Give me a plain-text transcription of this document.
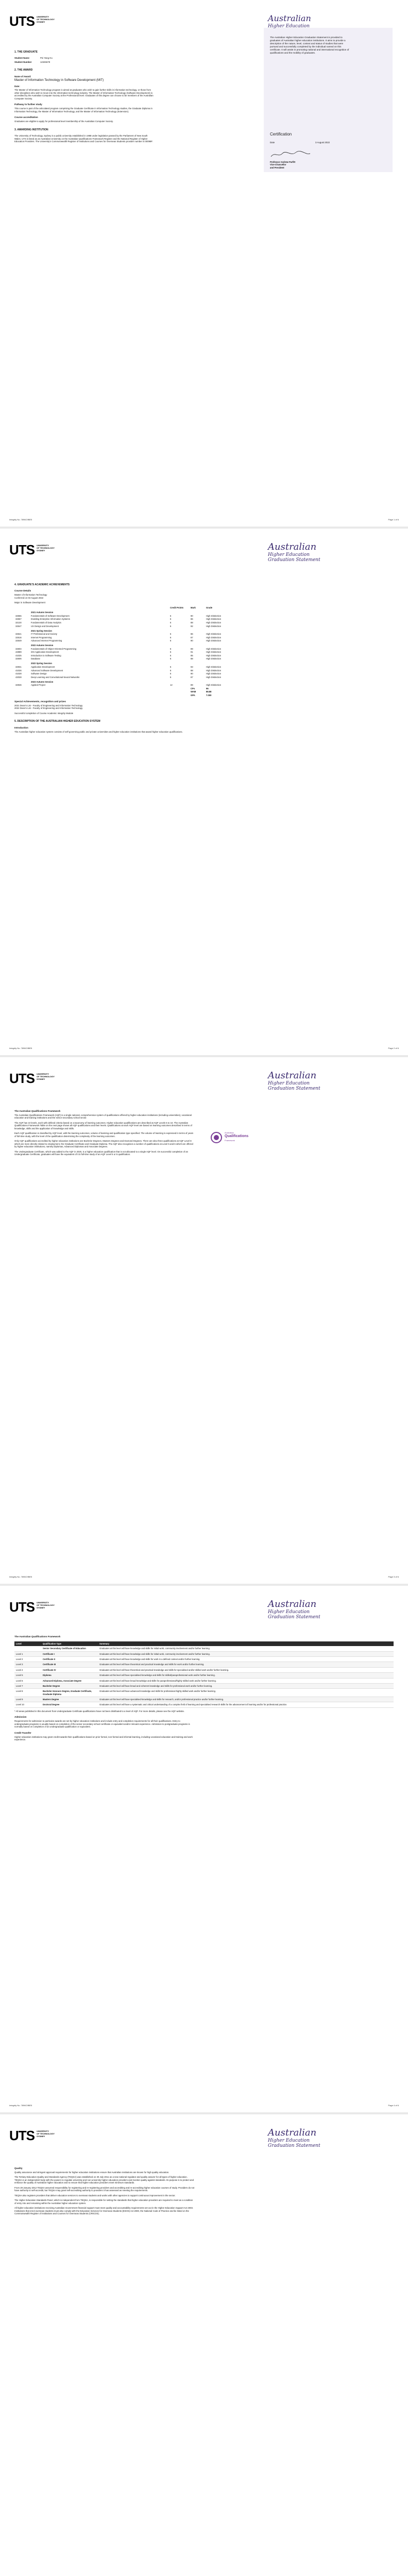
UTS UNIVERSITY
OF TECHNOLOGY
SYDNEY
1. THE GRADUATE
Student Name	Pei Yang Hu
Student Number	12345678
2. THE AWARD
Name of Award:

Master of Information Technology in Software Development (MIT)

Date:

The Master of Information Technology program is aimed at graduates who wish to gain further skills in information technology, or those from other disciplines who wish to move into the information technology industry. The Master of Information Technology (Software Development) is accredited by the Australian Computer Society at the Professional level. Graduates of this degree can choose to be members of the Australian Computer Society.

Pathway to further study

This course is part of the articulated program comprising the Graduate Certificate in Information Technology studies, the Graduate Diploma in Information Technology, the Master of Information Technology, and the Master of Information Technology (Extension).

Course accreditation

Graduates are eligible to apply for professional level membership of the Australian Computer Society.

3. AWARDING INSTITUTION

The University of Technology, Sydney is a public university established in 1988 under legislation passed by the Parliament of New South Wales. UTS is listed as an Australian University on the Australian Qualifications Framework Register and the National Register of Higher Education Providers. The University's Commonwealth Register of Institutions and Courses for Overseas Students provider number is 00099F.

The Australian Higher Education Graduation Statement is provided to graduates of Australian higher education institutions. It aims to provide a description of the nature, level, context and status of studies that were pursued and successfully completed by the individual named on this certificate. It will assist in promoting national and international recognition of qualifications and the mobility of graduates.
Certification
Date	3 August 2022
Professor Andrew Parfitt
Vice-Chancellor
and President
Australian
Higher Education
Integrity No. 7896C9BE5	Page 1 of 6
UTS UNIVERSITY
OF TECHNOLOGY
SYDNEY	Australian
Higher Education
Graduation Statement
4. GRADUATE'S ACADEMIC ACHIEVEMENTS
Course Details

Master of Information Technology

Conferred on 03 August 2022

Major in Software Development

		Credit Points	Mark	Grade
	2021 Autumn Session			
32555	Fundamentals of Software Development	6	90	High Distinction
32557	Enabling Enterprise Information Systems	6	86	High Distinction
32130	Fundamentals of Data Analytics	6	88	High Distinction
32547	UX Design and Development	6	92	High Distinction
	2021 Spring Session			
32521	IT Professional and Society	6	86	High Distinction
32516	Internet Programming	6	87	High Distinction
32549	Advanced Internet Programming	6	90	High Distinction
	2022 Autumn Session			
32604	Fundamentals of Object-Oriented Programming	6	89	High Distinction
42889	iOS Application Development	6	91	High Distinction
41025	Introduction to Software Testing	6	85	High Distinction
32606	Database	6	88	High Distinction
	2022 Spring Session			
32931	Application Development	6	93	High Distinction
41026	Advanced Software Development	6	88	High Distinction
41028	Software Design	6	90	High Distinction
42028	Deep Learning and Convolutional Neural Networks	6	87	High Distinction
	2023 Autumn Session			
32946	Applied Project	12	89	High Distinction
			CPs	96
			WAM	88.88
			GPA	7.000
Special Achievements, recognition and prizes

2021 Dean's List - Faculty of Engineering and Information Technology

2022 Dean's List - Faculty of Engineering and Information Technology

Successful completion of Course Academic Integrity Module

5. DESCRIPTION OF THE AUSTRALIAN HIGHER EDUCATION SYSTEM
Introduction

The Australian higher education system consists of self-governing public and private universities and higher education institutions that award higher education qualifications.

Integrity No. 7896C9BE5	Page 2 of 6
UTS UNIVERSITY
OF TECHNOLOGY
SYDNEY	Australian
Higher Education
Graduation Statement
The Australian Qualifications Framework

The Australian Qualifications Framework (AQF) is a single national, comprehensive system of qualifications offered by higher education institutions (including universities), vocational education and training institutions and the senior secondary school sector.

The AQF has 10 levels, each with defined criteria based on a taxonomy of learning outcomes. Higher education qualifications are described at AQF Levels 5 to 10. The Australian Qualifications Framework Table on the next page shows all AQF qualifications and their levels. Qualifications at each AQF level are based on learning outcomes described in terms of knowledge, skills and the application of knowledge and skills.

Each AQF qualification is classified by AQF level, with the learning outcomes, volume of learning and qualification type specified. The volume of learning is expressed in terms of years of full-time study, with the level of the qualification determining the complexity of the learning outcomes.

Only AQF qualifications accredited by higher education institutions are Bachelor Degrees, Masters Degrees and Doctoral Degrees. There are also three qualifications at AQF Level 8 which are more directly related to employment, the Graduate Certificate and Graduate Diploma. The AQF also recognises a number of qualifications at Level 5 and 6 which are offered by higher education institutions, namely Diplomas, Advanced Diplomas and Associate Degrees.

The Undergraduate Certificate, which was added to the AQF in 2020, is a higher education qualification that is not allocated to a single AQF level. On successful completion of an Undergraduate Certificate, graduates will have the equivalent of 0.5 full-time study of an AQF Level 5 or 6 qualification.

Australian
Qualifications
Framework
Integrity No. 7896C9BE5	Page 3 of 6
UTS UNIVERSITY
OF TECHNOLOGY
SYDNEY	Australian
Higher Education
Graduation Statement
The Australian Qualifications Framework
Level	Qualification Type	Summary
	Senior Secondary Certificate of Education	Graduates at this level will have knowledge and skills for initial work, community involvement and/or further learning.
Level 1	Certificate I	Graduates at this level will have knowledge and skills for initial work, community involvement and/or further learning.
Level 2	Certificate II	Graduates at this level will have knowledge and skills for work in a defined context and/or further learning.
Level 3	Certificate III	Graduates at this level will have theoretical and practical knowledge and skills for work and/or further learning.
Level 4	Certificate IV	Graduates at this level will have theoretical and practical knowledge and skills for specialised and/or skilled work and/or further learning.
Level 5	Diploma	Graduates at this level will have specialised knowledge and skills for skilled/paraprofessional work and/or further learning.
Level 6	Advanced Diploma, Associate Degree	Graduates at this level will have broad knowledge and skills for paraprofessional/highly skilled work and/or further learning.
Level 7	Bachelor Degree	Graduates at this level will have broad and coherent knowledge and skills for professional work and/or further learning.
Level 8	Bachelor Honours Degree, Graduate Certificate, Graduate Diploma	Graduates at this level will have advanced knowledge and skills for professional highly skilled work and/or further learning.
Level 9	Masters Degree	Graduates at this level will have specialised knowledge and skills for research, and/or professional practice and/or further learning.
Level 10	Doctoral Degree	Graduates at this level will have a systematic and critical understanding of a complex field of learning and specialised research skills for the advancement of learning and/or for professional practice.

* All areas published in this document from Undergraduate Certificate qualifications have not been distributed to a level of AQF. For more details, please see the AQF website.

Admission

Requirements for admission to particular awards are set by higher education institutions and include entry and completion requirements for all their qualifications. Entry to undergraduate programs is usually based on completion of the senior secondary school certificate or equivalent and/or relevant experience. Admission to postgraduate programs is normally based on completion of an undergraduate qualification or equivalent.

Credit Transfer

Higher education institutions may grant credit towards their qualifications based on prior formal, non-formal and informal learning, including vocational education and training and work experience.

Integrity No. 7896C9BE5	Page 4 of 6
UTS UNIVERSITY
OF TECHNOLOGY
SYDNEY	Australian
Higher Education
Graduation Statement
Quality

Quality assurance and stringent approval requirements for higher education institutions ensure that Australian institutions are known for high quality education.

The Tertiary Education Quality and Standards Agency (TEQSA) was established on 30 July 2011 as a new national regulator and quality assurer for all types of higher education. TEQSA is an independent body with the powers to regulate university and non-university higher education providers and monitor quality against standards. Its purpose is to protect and enhance the quality of Australian higher education and to ensure that higher education providers meet minimum standards.

From 29 January 2012 TEQSA assumed responsibility for registering and re-registering providers and accrediting and re-accrediting higher education courses of study. Providers do not have authority to self-accredit, but TEQSA may grant self-accrediting authority to providers it has assessed as meeting the requirements.

TEQSA also registers providers that deliver education services to overseas students and works with other agencies to support continuous improvement in the sector.

The Higher Education Standards Panel, which is independent from TEQSA, is responsible for setting the standards that higher education providers are required to meet as a condition of entry into and remaining within the Australian higher education system.

All higher education institutions receiving Australian Government financial support must meet quality and accountability requirements set out in the Higher Education Support Act 2003. Institutions that enrol overseas students must also comply with the Education Services for Overseas Students (ESOS) Act 2000, the National Code of Practice and be listed on the Commonwealth Register of Institutions and Courses for Overseas Students (CRICOS).
